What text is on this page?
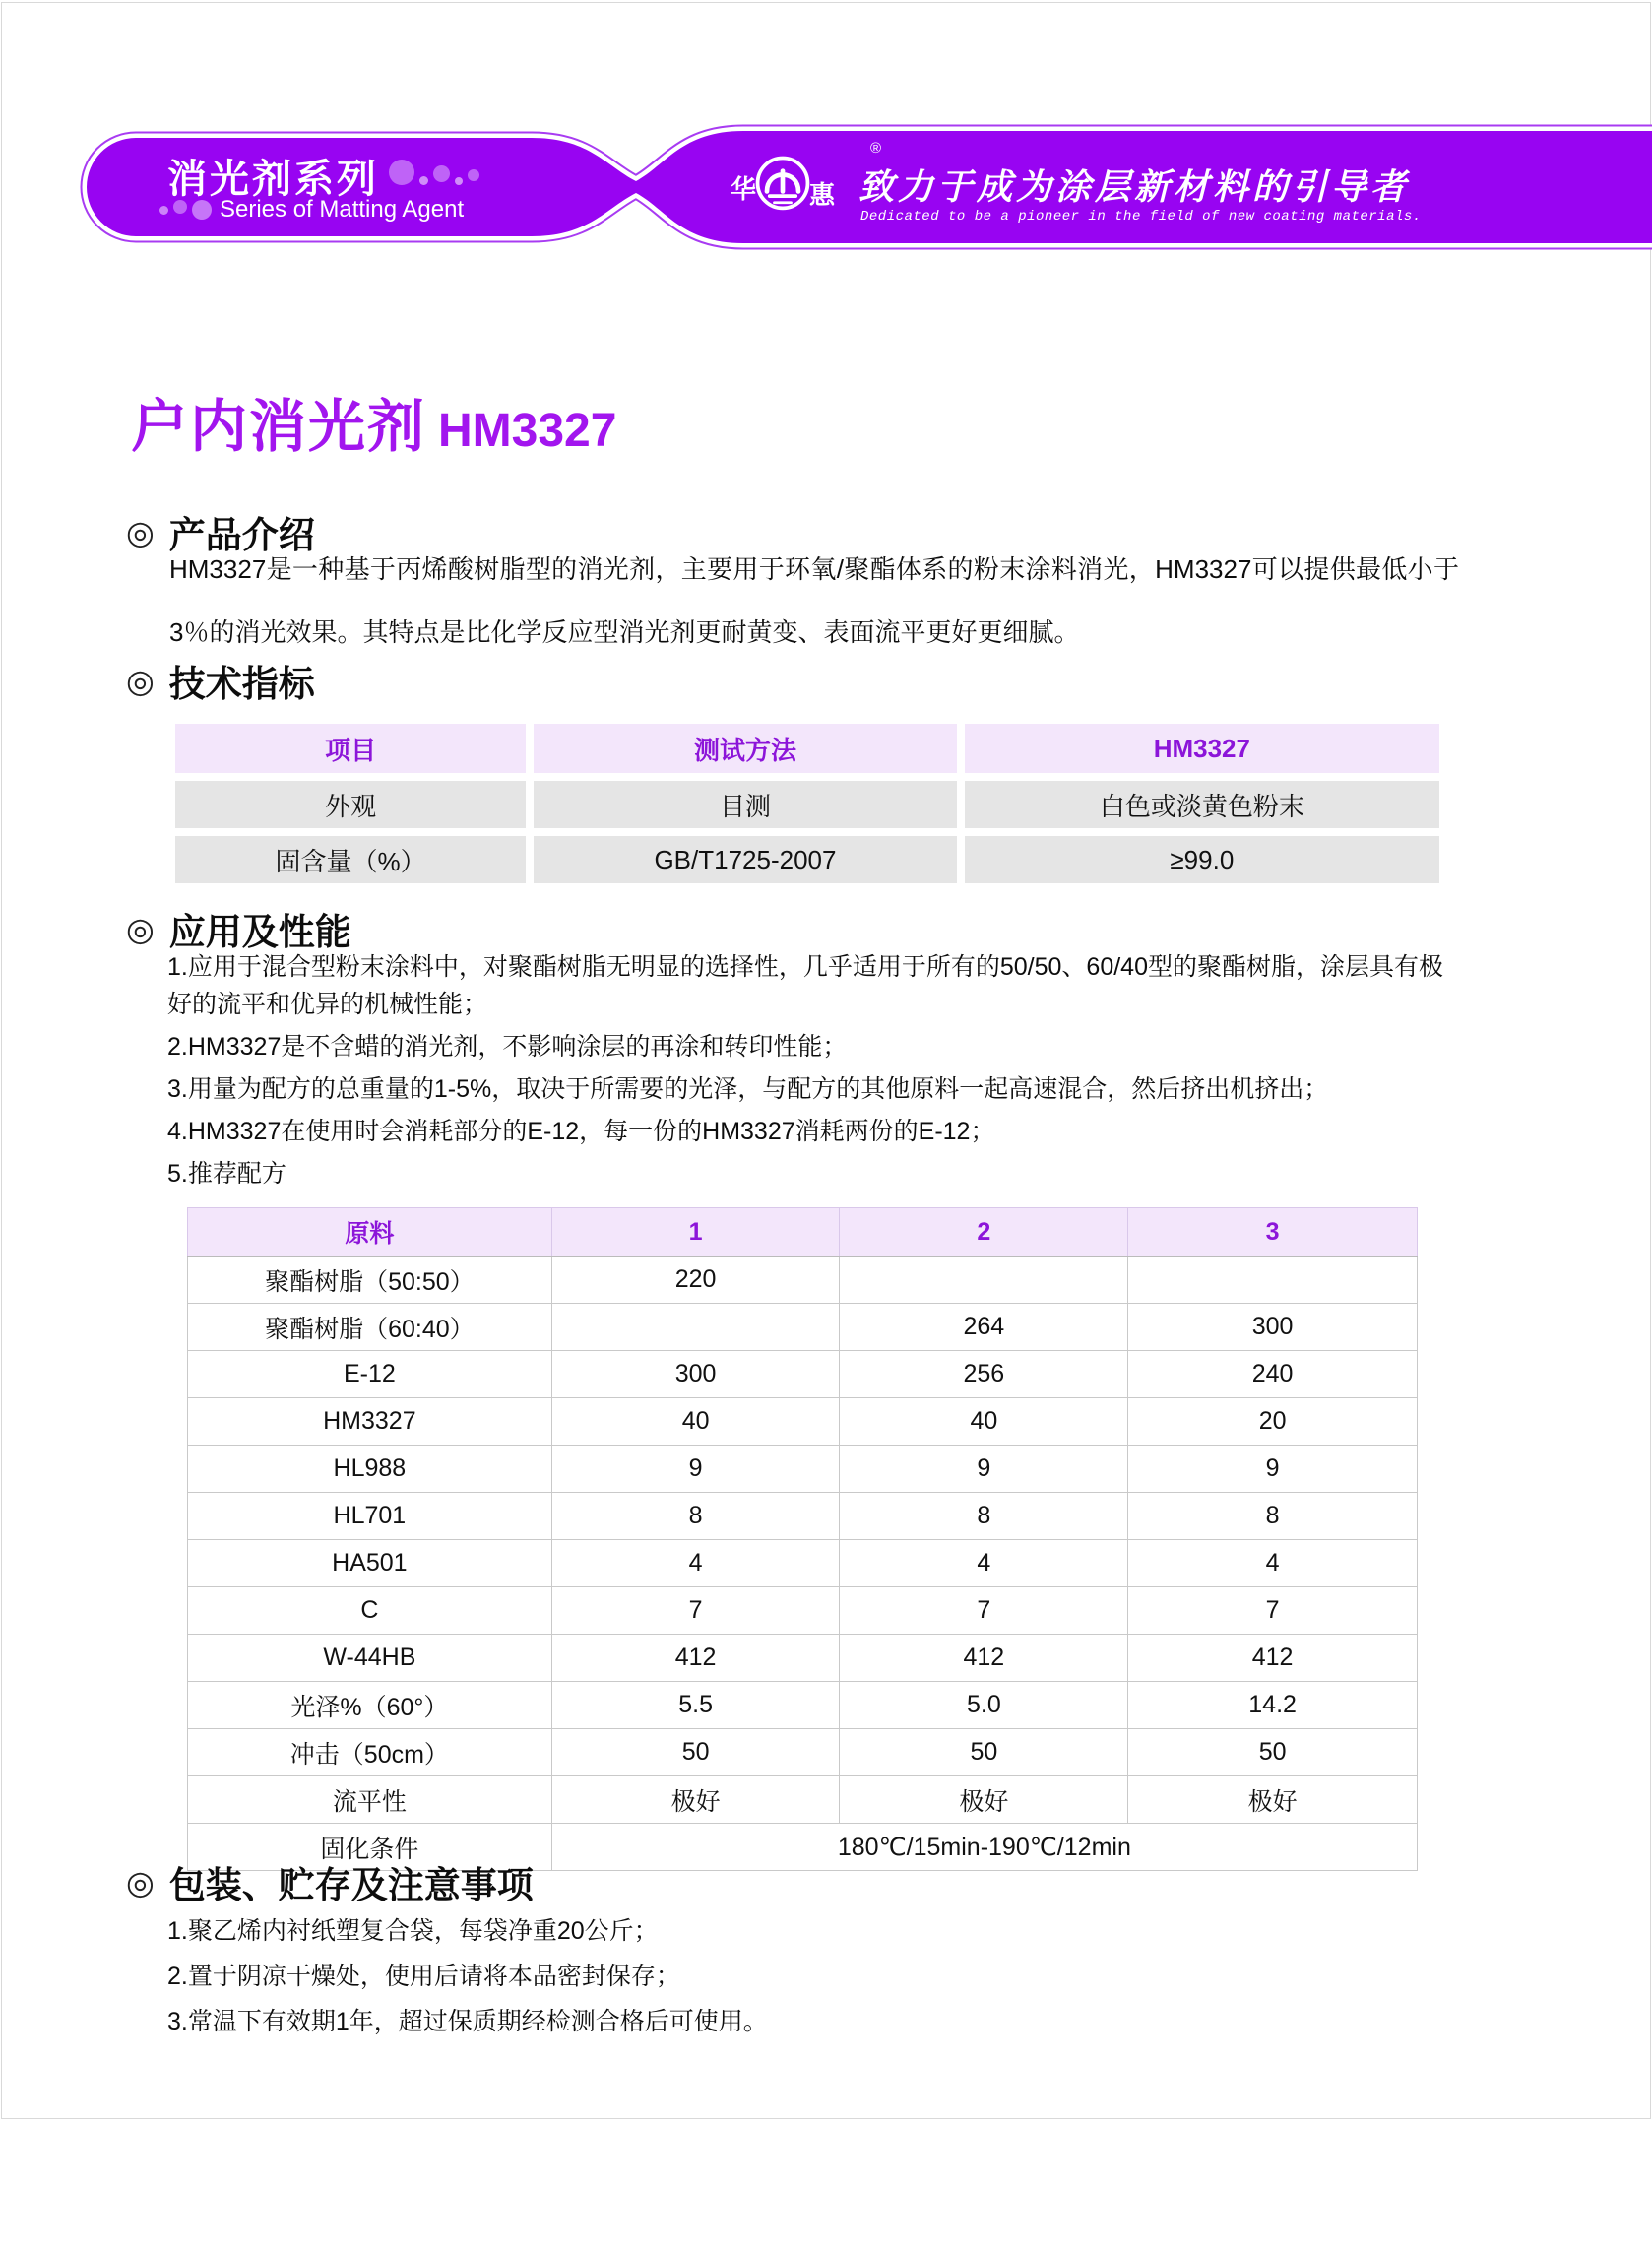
消光剂系列
Series of Matting Agent
华 惠
®
致力于成为涂层新材料的引导者
Dedicated to be a pioneer in the field of new coating materials.
户内消光剂 HM3327
◎ 产品介绍
HM3327是一种基于丙烯酸树脂型的消光剂，主要用于环氧/聚酯体系的粉末涂料消光，HM3327可以提供最低小于3％的消光效果。其特点是比化学反应型消光剂更耐黄变、表面流平更好更细腻。
◎ 技术指标
项目	测试方法	HM3327
外观	目测	白色或淡黄色粉末
固含量（%）	GB/T1725-2007	≥99.0
◎ 应用及性能
1.应用于混合型粉末涂料中，对聚酯树脂无明显的选择性，几乎适用于所有的50/50、60/40型的聚酯树脂，涂层具有极好的流平和优异的机械性能；
2.HM3327是不含蜡的消光剂，不影响涂层的再涂和转印性能；
3.用量为配方的总重量的1-5%，取决于所需要的光泽，与配方的其他原料一起高速混合，然后挤出机挤出；
4.HM3327在使用时会消耗部分的E-12，每一份的HM3327消耗两份的E-12；
5.推荐配方
原料	1	2	3
聚酯树脂（50:50）	220		
聚酯树脂（60:40）		264	300
E-12	300	256	240
HM3327	40	40	20
HL988	9	9	9
HL701	8	8	8
HA501	4	4	4
C	7	7	7
W-44HB	412	412	412
光泽%（60°）	5.5	5.0	14.2
冲击（50cm）	50	50	50
流平性	极好	极好	极好
固化条件	180℃/15min-190℃/12min		
◎ 包装、贮存及注意事项
1.聚乙烯内衬纸塑复合袋，每袋净重20公斤；
2.置于阴凉干燥处，使用后请将本品密封保存；
3.常温下有效期1年，超过保质期经检测合格后可使用。
